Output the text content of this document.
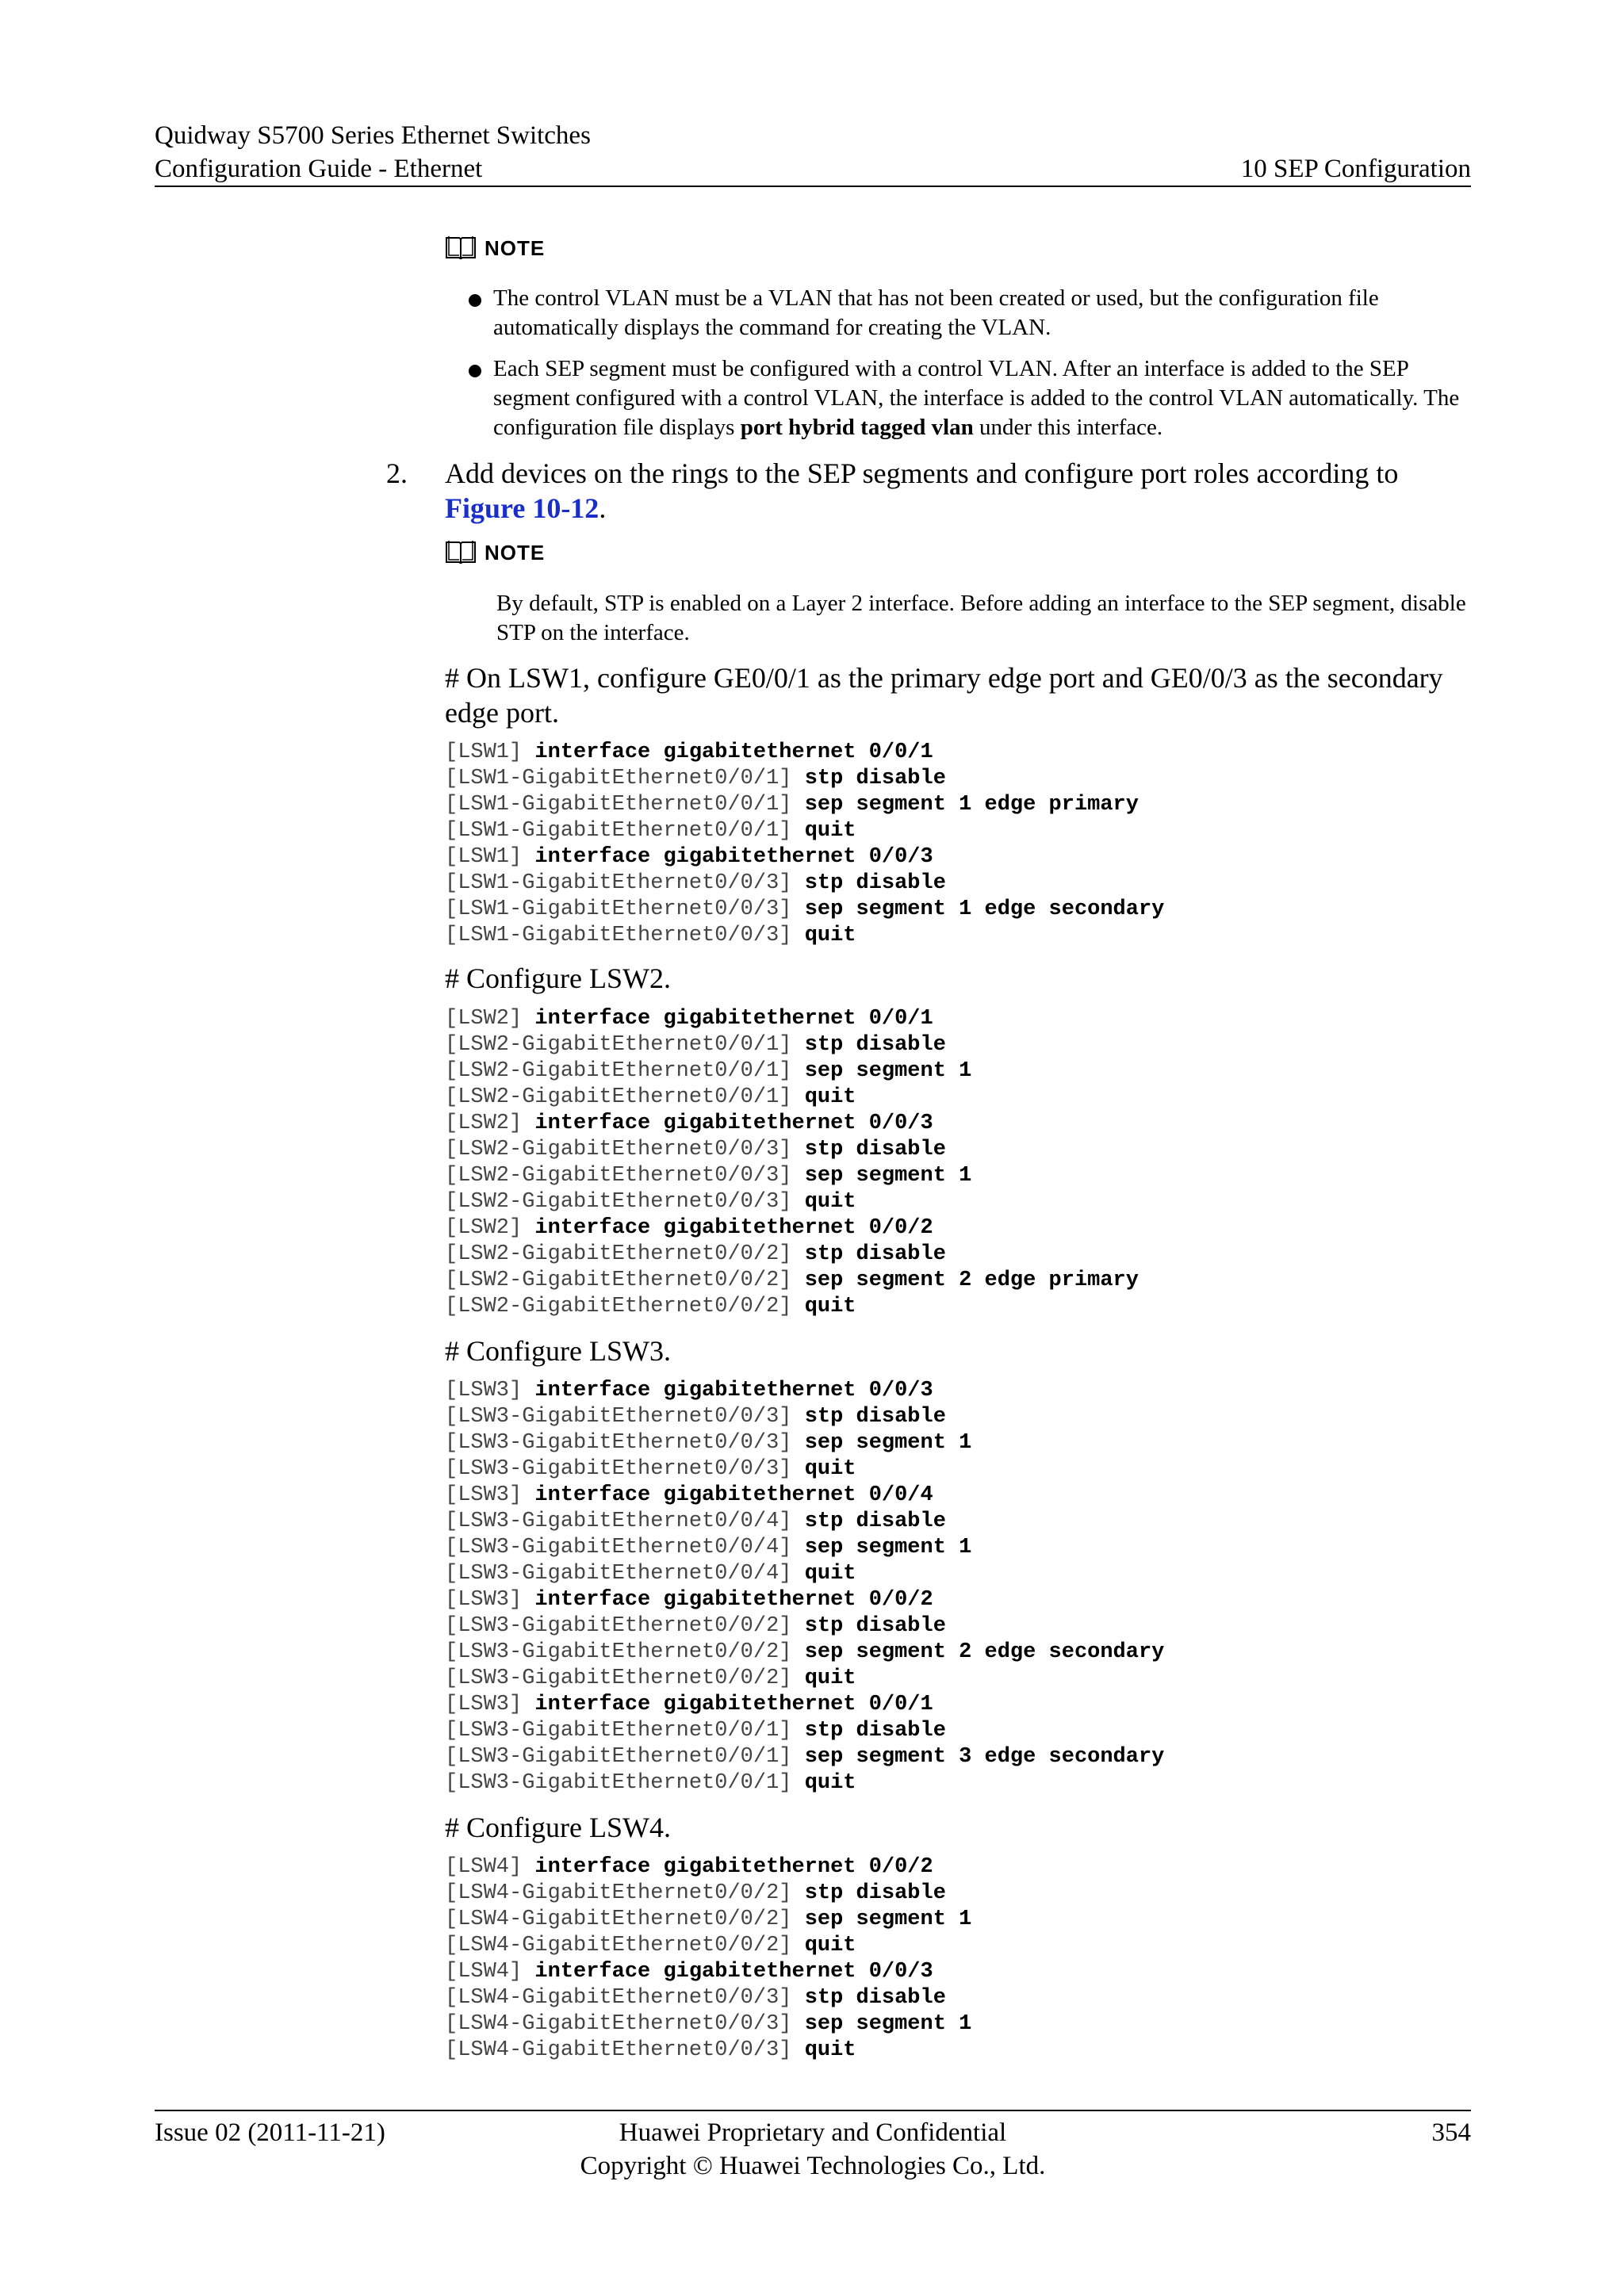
Quidway S5700 Series Ethernet Switches
Configuration Guide - Ethernet	10 SEP Configuration
NOTE
The control VLAN must be a VLAN that has not been created or used, but the configuration file automatically displays the command for creating the VLAN.
Each SEP segment must be configured with a control VLAN. After an interface is added to the SEP segment configured with a control VLAN, the interface is added to the control VLAN automatically. The configuration file displays port hybrid tagged vlan under this interface.
2. Add devices on the rings to the SEP segments and configure port roles according to Figure 10-12.
NOTE
By default, STP is enabled on a Layer 2 interface. Before adding an interface to the SEP segment, disable STP on the interface.
# On LSW1, configure GE0/0/1 as the primary edge port and GE0/0/3 as the secondary edge port.
[LSW1] interface gigabitethernet 0/0/1
[LSW1-GigabitEthernet0/0/1] stp disable
[LSW1-GigabitEthernet0/0/1] sep segment 1 edge primary
[LSW1-GigabitEthernet0/0/1] quit
[LSW1] interface gigabitethernet 0/0/3
[LSW1-GigabitEthernet0/0/3] stp disable
[LSW1-GigabitEthernet0/0/3] sep segment 1 edge secondary
[LSW1-GigabitEthernet0/0/3] quit
# Configure LSW2.
[LSW2] interface gigabitethernet 0/0/1
[LSW2-GigabitEthernet0/0/1] stp disable
[LSW2-GigabitEthernet0/0/1] sep segment 1
[LSW2-GigabitEthernet0/0/1] quit
[LSW2] interface gigabitethernet 0/0/3
[LSW2-GigabitEthernet0/0/3] stp disable
[LSW2-GigabitEthernet0/0/3] sep segment 1
[LSW2-GigabitEthernet0/0/3] quit
[LSW2] interface gigabitethernet 0/0/2
[LSW2-GigabitEthernet0/0/2] stp disable
[LSW2-GigabitEthernet0/0/2] sep segment 2 edge primary
[LSW2-GigabitEthernet0/0/2] quit
# Configure LSW3.
[LSW3] interface gigabitethernet 0/0/3
[LSW3-GigabitEthernet0/0/3] stp disable
[LSW3-GigabitEthernet0/0/3] sep segment 1
[LSW3-GigabitEthernet0/0/3] quit
[LSW3] interface gigabitethernet 0/0/4
[LSW3-GigabitEthernet0/0/4] stp disable
[LSW3-GigabitEthernet0/0/4] sep segment 1
[LSW3-GigabitEthernet0/0/4] quit
[LSW3] interface gigabitethernet 0/0/2
[LSW3-GigabitEthernet0/0/2] stp disable
[LSW3-GigabitEthernet0/0/2] sep segment 2 edge secondary
[LSW3-GigabitEthernet0/0/2] quit
[LSW3] interface gigabitethernet 0/0/1
[LSW3-GigabitEthernet0/0/1] stp disable
[LSW3-GigabitEthernet0/0/1] sep segment 3 edge secondary
[LSW3-GigabitEthernet0/0/1] quit
# Configure LSW4.
[LSW4] interface gigabitethernet 0/0/2
[LSW4-GigabitEthernet0/0/2] stp disable
[LSW4-GigabitEthernet0/0/2] sep segment 1
[LSW4-GigabitEthernet0/0/2] quit
[LSW4] interface gigabitethernet 0/0/3
[LSW4-GigabitEthernet0/0/3] stp disable
[LSW4-GigabitEthernet0/0/3] sep segment 1
[LSW4-GigabitEthernet0/0/3] quit
Issue 02 (2011-11-21)	Huawei Proprietary and Confidential
Copyright © Huawei Technologies Co., Ltd.
354
